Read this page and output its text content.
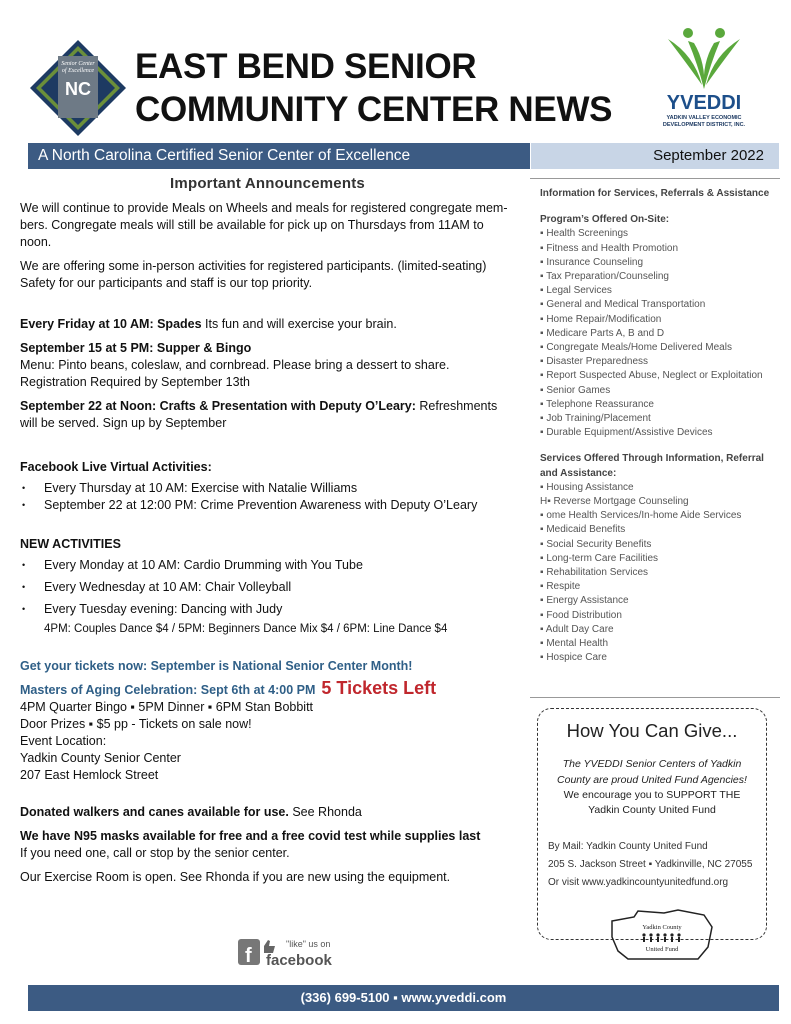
Senior Center
of Excellence
NC
EAST BEND SENIOR
COMMUNITY CENTER NEWS	YVEDDI
YADKIN VALLEY ECONOMIC
DEVELOPMENT DISTRICT, INC.
A North Carolina Certified Senior Center of Excellence	September 2022

Important Announcements

We will continue to provide Meals on Wheels and meals for registered congregate mem-bers. Congregate meals will still be available for pick up on Thursdays from 11AM to noon.

We are offering some in-person activities for registered participants. (limited-seating) Safety for our participants and staff is our top priority.

Every Friday at 10 AM: Spades Its fun and will exercise your brain.

September 15 at 5 PM: Supper & Bingo

Menu: Pinto beans, coleslaw, and cornbread. Please bring a dessert to share.

Registration Required by September 13th

September 22 at Noon: Crafts & Presentation with Deputy O’Leary: Refreshments will be served. Sign up by September

Facebook Live Virtual Activities:

• Every Thursday at 10 AM: Exercise with Natalie Williams
• September 22 at 12:00 PM: Crime Prevention Awareness with Deputy O’Leary

NEW ACTIVITIES

• Every Monday at 10 AM: Cardio Drumming with You Tube
• Every Wednesday at 10 AM: Chair Volleyball
• Every Tuesday evening: Dancing with Judy

4PM: Couples Dance $4 / 5PM: Beginners Dance Mix $4 / 6PM: Line Dance $4

Get your tickets now: September is National Senior Center Month!

Masters of Aging Celebration: Sept 6th at 4:00 PM 5 Tickets Left

4PM Quarter Bingo ▪ 5PM Dinner ▪ 6PM Stan Bobbitt

Door Prizes ▪ $5 pp - Tickets on sale now!

Event Location:

Yadkin County Senior Center

207 East Hemlock Street

Donated walkers and canes available for use. See Rhonda

We have N95 masks available for free and a free covid test while supplies last

If you need one, call or stop by the senior center.

Our Exercise Room is open. See Rhonda if you are new using the equipment.

f
"like" us on
facebook

Information for Services, Referrals & Assistance

Program’s Offered On-Site:

▪ Health Screenings

▪ Fitness and Health Promotion

▪ Insurance Counseling

▪ Tax Preparation/Counseling

▪ Legal Services

▪ General and Medical Transportation

▪ Home Repair/Modification

▪ Medicare Parts A, B and D

▪ Congregate Meals/Home Delivered Meals

▪ Disaster Preparedness

▪ Report Suspected Abuse, Neglect or Exploitation

▪ Senior Games

▪ Telephone Reassurance

▪ Job Training/Placement

▪ Durable Equipment/Assistive Devices

Services Offered Through Information, Referral and Assistance:

▪ Housing Assistance

H▪ Reverse Mortgage Counseling

▪ ome Health Services/In-home Aide Services

▪ Medicaid Benefits

▪ Social Security Benefits

▪ Long-term Care Facilities

▪ Rehabilitation Services

▪ Respite

▪ Energy Assistance

▪ Food Distribution

▪ Adult Day Care

▪ Mental Health

▪ Hospice Care

How You Can Give...
The YVEDDI Senior Centers of Yadkin County are proud United Fund Agencies!
We encourage you to SUPPORT THE
Yadkin County United Fund
By Mail: Yadkin County United Fund
205 S. Jackson Street ▪ Yadkinville, NC 27055
Or visit www.yadkincountyunitedfund.org
Yadkin County
United Fund
(336) 699-5100 ▪ www.yveddi.com
